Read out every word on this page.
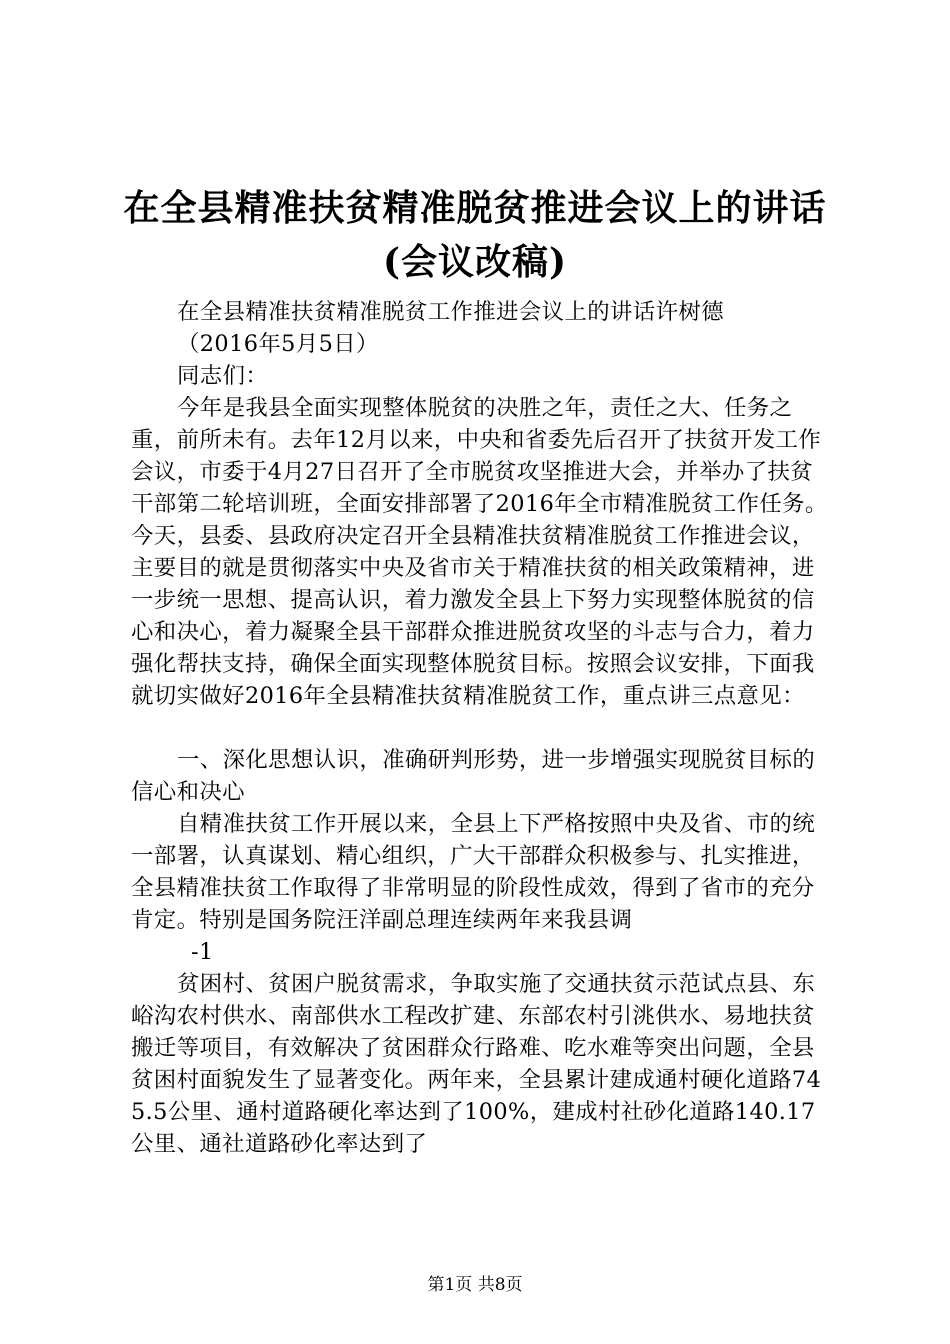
在全县精准扶贫精准脱贫推进会议上的讲话
(会议改稿)

在全县精准扶贫精准脱贫工作推进会议上的讲话许树德

（2016年5月5日）

同志们：

今年是我县全面实现整体脱贫的决胜之年，责任之大、任务之重，前所未有。去年12月以来，中央和省委先后召开了扶贫开发工作会议，市委于4月27日召开了全市脱贫攻坚推进大会，并举办了扶贫干部第二轮培训班，全面安排部署了2016年全市精准脱贫工作任务。今天，县委、县政府决定召开全县精准扶贫精准脱贫工作推进会议，主要目的就是贯彻落实中央及省市关于精准扶贫的相关政策精神，进一步统一思想、提高认识，着力激发全县上下努力实现整体脱贫的信心和决心，着力凝聚全县干部群众推进脱贫攻坚的斗志与合力，着力强化帮扶支持，确保全面实现整体脱贫目标。按照会议安排，下面我就切实做好2016年全县精准扶贫精准脱贫工作，重点讲三点意见：

一、深化思想认识，准确研判形势，进一步增强实现脱贫目标的信心和决心

自精准扶贫工作开展以来，全县上下严格按照中央及省、市的统一部署，认真谋划、精心组织，广大干部群众积极参与、扎实推进，全县精准扶贫工作取得了非常明显的阶段性成效，得到了省市的充分肯定。特别是国务院汪洋副总理连续两年来我县调

-1

贫困村、贫困户脱贫需求，争取实施了交通扶贫示范试点县、东峪沟农村供水、南部供水工程改扩建、东部农村引洮供水、易地扶贫搬迁等项目，有效解决了贫困群众行路难、吃水难等突出问题，全县贫困村面貌发生了显著变化。两年来，全县累计建成通村硬化道路745.5公里、通村道路硬化率达到了100%，建成村社砂化道路140.17公里、通社道路砂化率达到了

第1页 共8页
